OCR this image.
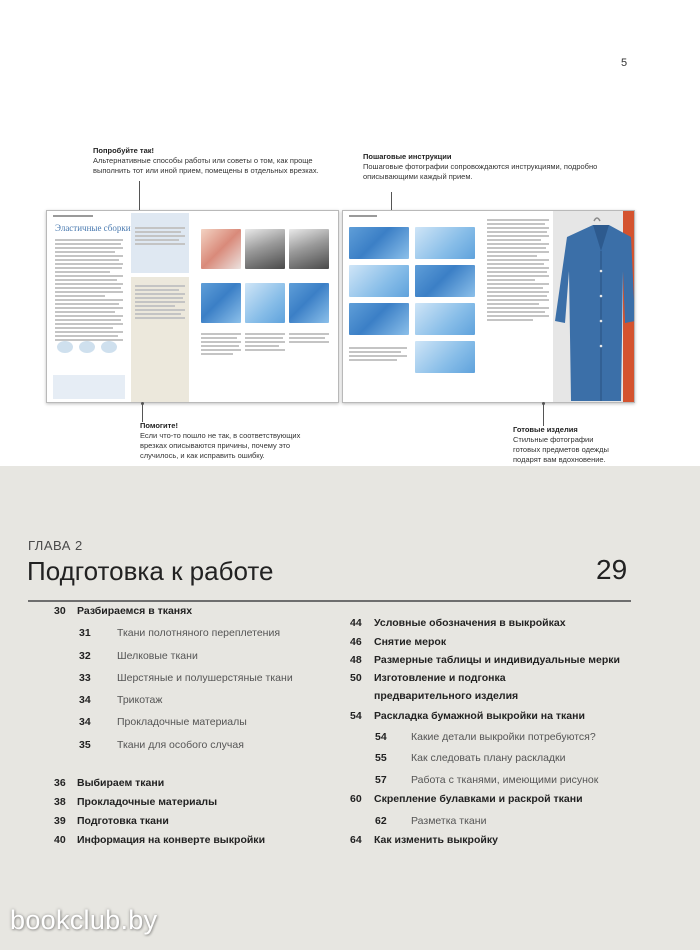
5
Попробуйте так!
Альтернативные способы работы или советы о том, как проще выполнить тот или иной прием, помещены в отдельных врезках.
Пошаговые инструкции
Пошаговые фотографии сопровождаются инструкциями, подробно описывающими каждый прием.
Эластичные сборки
Помогите!
Если что-то пошло не так, в соответствующих врезках описываются причины, почему это случилось, и как исправить ошибку.
Готовые изделия
Стильные фотографии готовых предметов одежды подарят вам вдохновение.
ГЛАВА 2
Подготовка к работе	29
30 Разбираемся в тканях
31	Ткани полотняного переплетения
32	Шелковые ткани
33	Шерстяные и полушерстяные ткани
34	Трикотаж
34	Прокладочные материалы
35	Ткани для особого случая
36 Выбираем ткани
38 Прокладочные материалы
39 Подготовка ткани
40 Информация на конверте выкройки
44 Условные обозначения в выкройках
46 Снятие мерок
48 Размерные таблицы и индивидуальные мерки
50 Изготовление и подгонка
предварительного изделия
54 Раскладка бумажной выкройки на ткани
54 Какие детали выкройки потребуются?
55 Как следовать плану раскладки
57 Работа с тканями, имеющими рисунок
60 Скрепление булавками и раскрой ткани
62 Разметка ткани
64 Как изменить выкройку
bookclub.by
